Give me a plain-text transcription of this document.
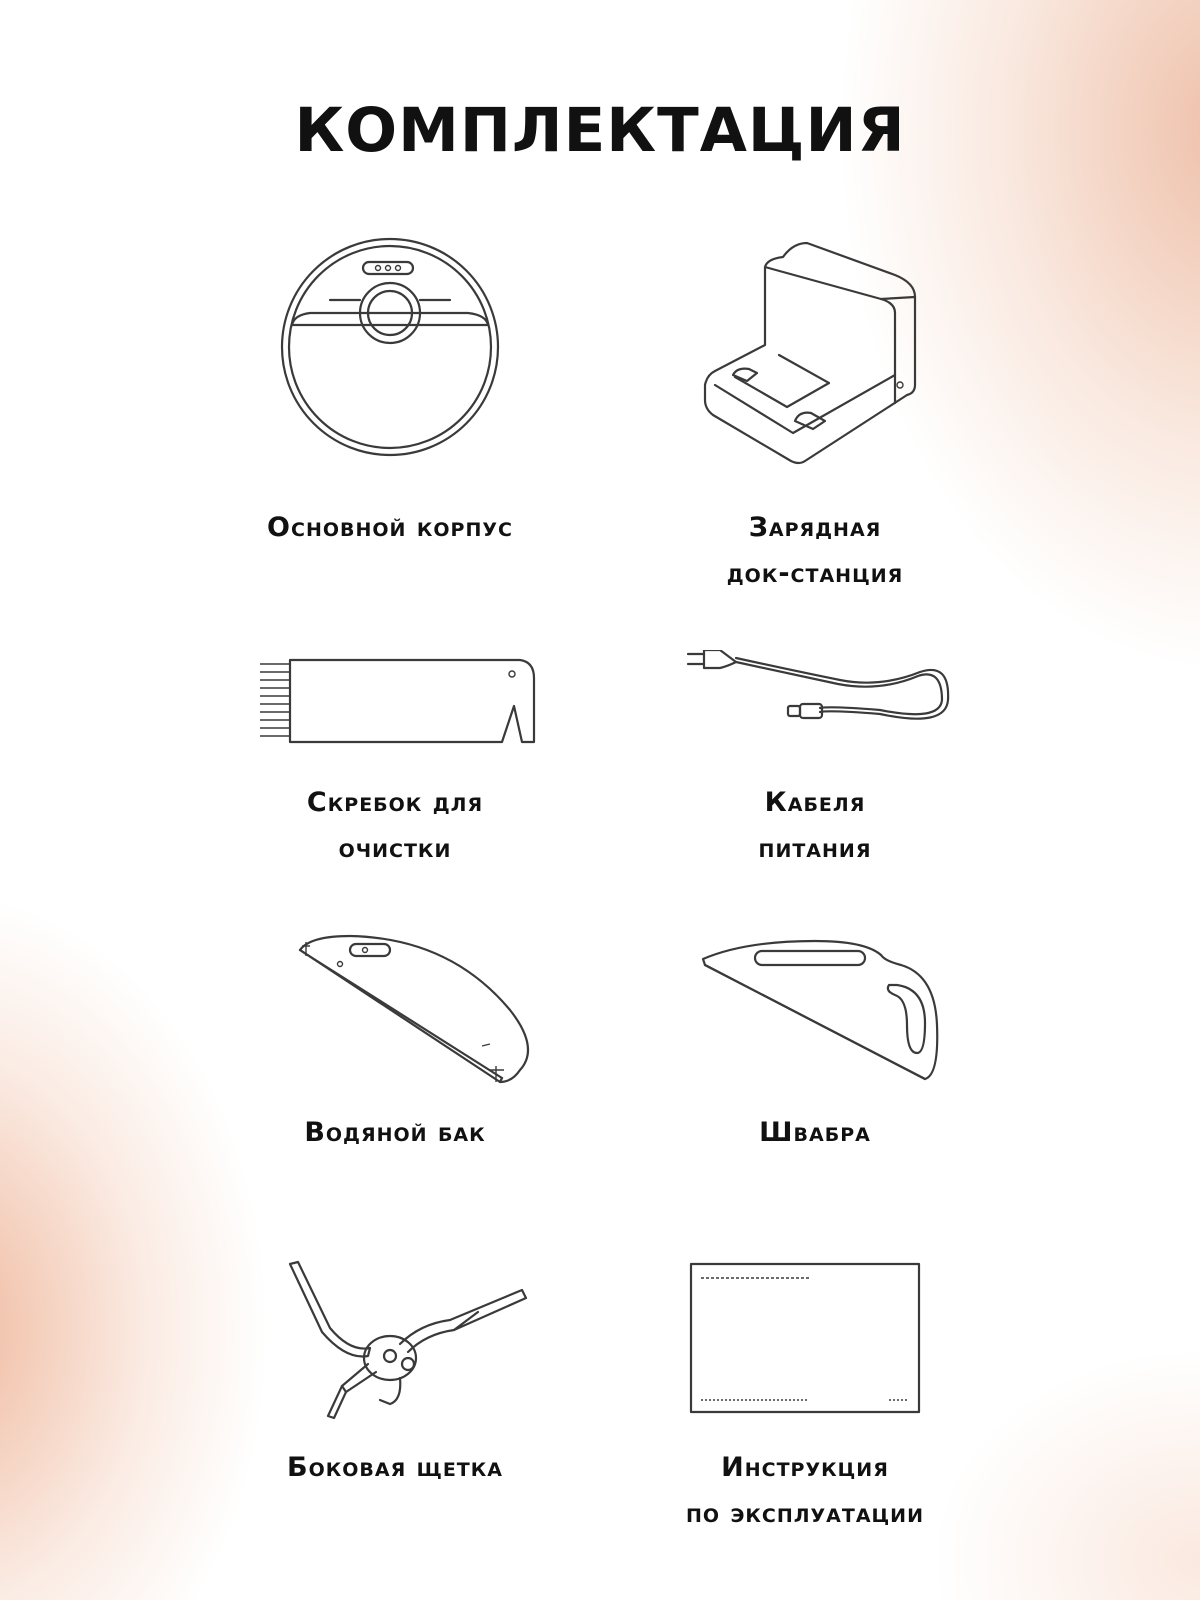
КОМПЛЕКТАЦИЯ
Основной корпус	Зарядная
док-станция
Скребок для
очистки
Кабеля
питания
Водяной бак	Швабра
Боковая щетка	Инструкция
по эксплуатации
